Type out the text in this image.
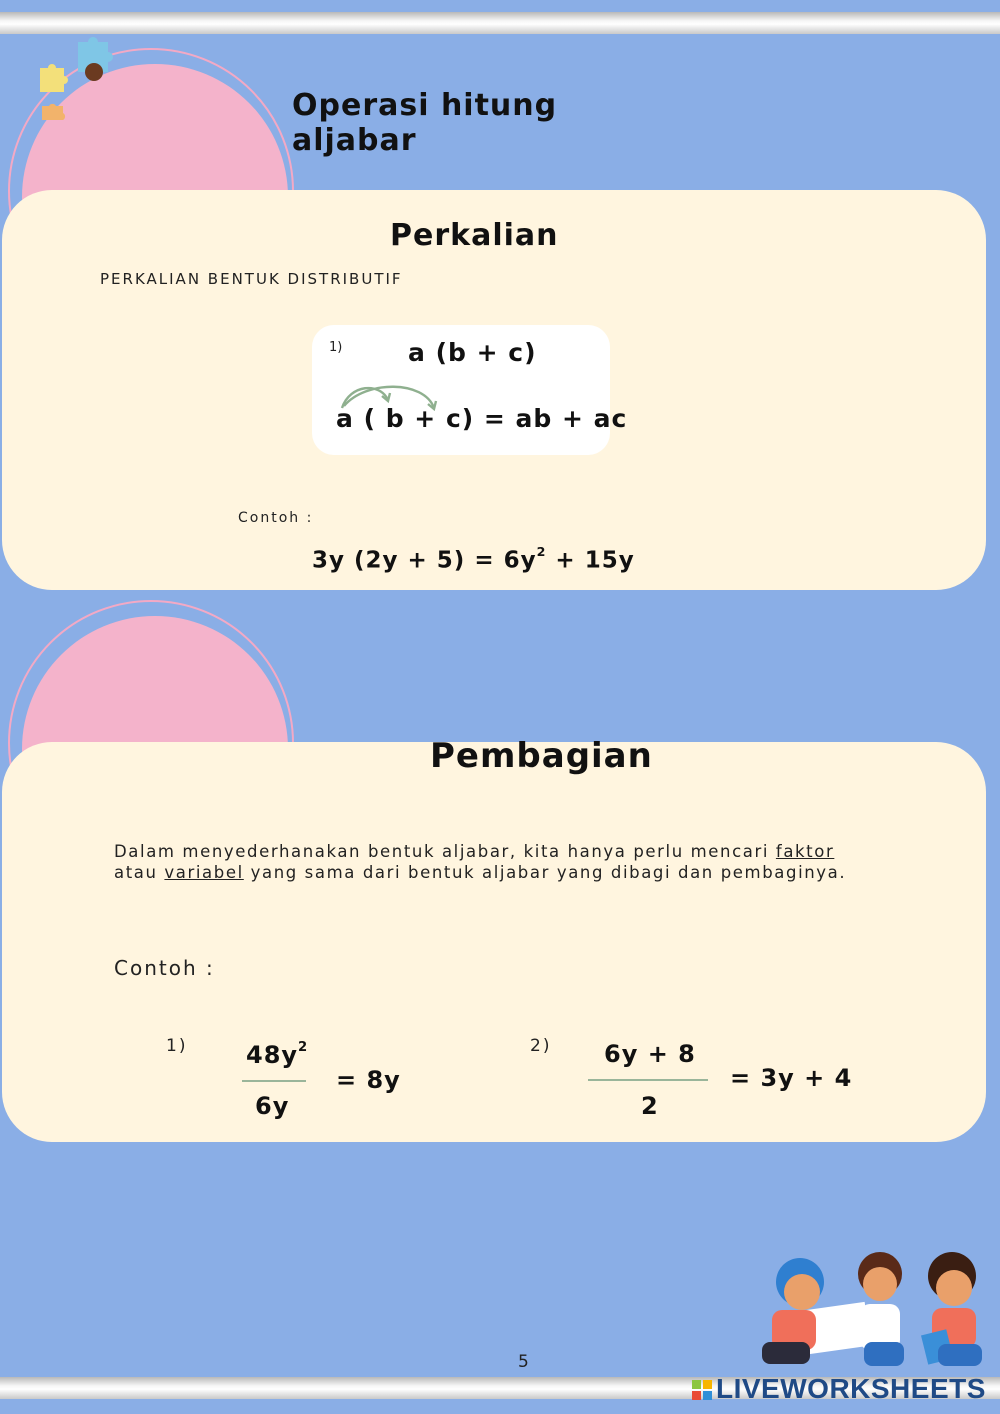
Operasi hitung aljabar
Perkalian
PERKALIAN BENTUK DISTRIBUTIF
1)	a (b + c)
a ( b + c) = ab + ac
Contoh :
3y $(2y + 5) = 6y^2 + 15y$
Pembagian
Dalam menyederhanakan bentuk aljabar, kita hanya perlu mencari faktor atau variabel yang sama dari bentuk aljabar yang dibagi dan pembaginya.
Contoh :
1) $48y^2$
6y
= 8y
2) 6y + 8
2
= 3y + 4
5
LIVEWORKSHEETS
